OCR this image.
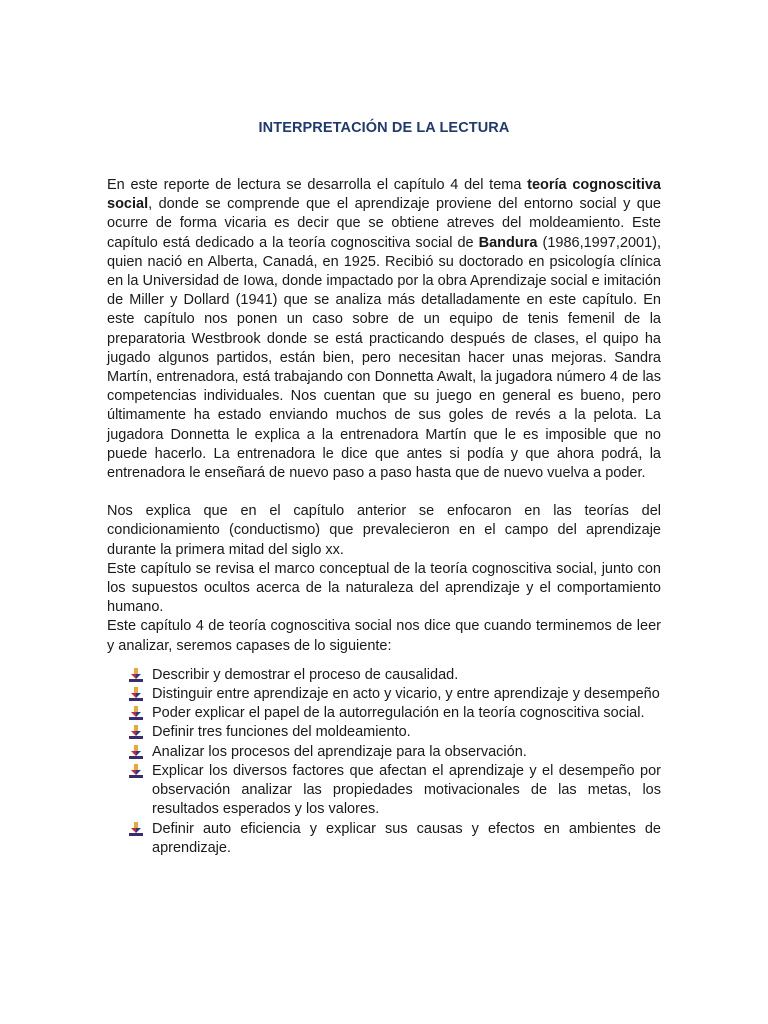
INTERPRETACIÓN DE LA LECTURA

En este reporte de lectura se desarrolla el capítulo 4 del tema teoría cognoscitiva social, donde se comprende que el aprendizaje proviene del entorno social y que ocurre de forma vicaria es decir que se obtiene atreves del moldeamiento. Este capítulo está dedicado a la teoría cognoscitiva social de Bandura (1986,1997,2001), quien nació en Alberta, Canadá, en 1925. Recibió su doctorado en psicología clínica en la Universidad de Iowa, donde impactado por la obra Aprendizaje social e imitación de Miller y Dollard (1941) que se analiza más detalladamente en este capítulo. En este capítulo nos ponen un caso sobre de un equipo de tenis femenil de la preparatoria Westbrook donde se está practicando después de clases, el quipo ha jugado algunos partidos, están bien, pero necesitan hacer unas mejoras. Sandra Martín, entrenadora, está trabajando con Donnetta Awalt, la jugadora número 4 de las competencias individuales. Nos cuentan que su juego en general es bueno, pero últimamente ha estado enviando muchos de sus goles de revés a la pelota. La jugadora Donnetta le explica a la entrenadora Martín que le es imposible que no puede hacerlo. La entrenadora le dice que antes si podía y que ahora podrá, la entrenadora le enseñará de nuevo paso a paso hasta que de nuevo vuelva a poder.

Nos explica que en el capítulo anterior se enfocaron en las teorías del condicionamiento (conductismo) que prevalecieron en el campo del aprendizaje durante la primera mitad del siglo xx.

Este capítulo se revisa el marco conceptual de la teoría cognoscitiva social, junto con los supuestos ocultos acerca de la naturaleza del aprendizaje y el comportamiento humano.

Este capítulo 4 de teoría cognoscitiva social nos dice que cuando terminemos de leer y analizar, seremos capases de lo siguiente:

Describir y demostrar el proceso de causalidad.
Distinguir entre aprendizaje en acto y vicario, y entre aprendizaje y desempeño
Poder explicar el papel de la autorregulación en la teoría cognoscitiva social.
Definir tres funciones del moldeamiento.
Analizar los procesos del aprendizaje para la observación.
Explicar los diversos factores que afectan el aprendizaje y el desempeño por observación analizar las propiedades motivacionales de las metas, los resultados esperados y los valores.
Definir auto eficiencia y explicar sus causas y efectos en ambientes de aprendizaje.
